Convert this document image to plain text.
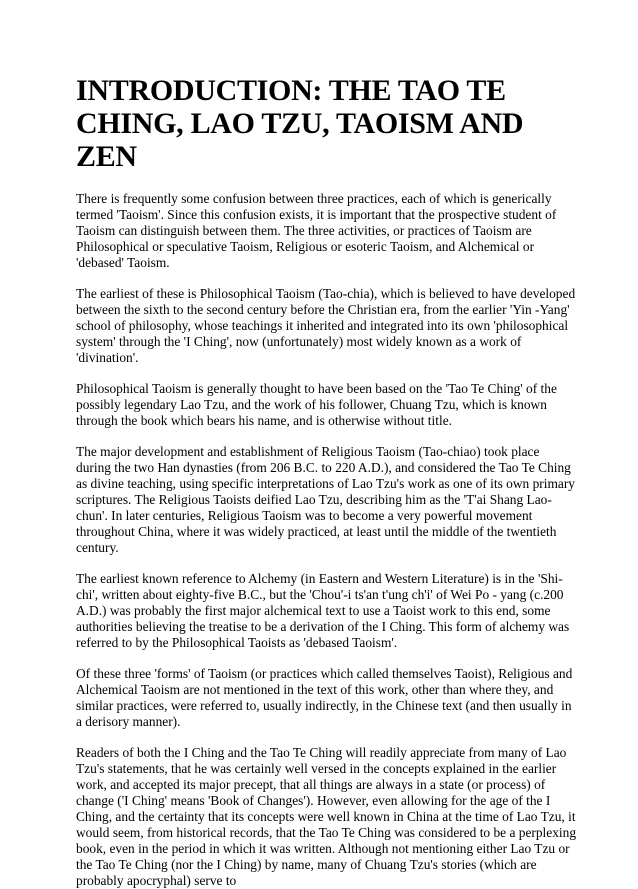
INTRODUCTION: THE TAO TE CHING, LAO TZU, TAOISM AND ZEN

There is frequently some confusion between three practices, each of which is generically termed 'Taoism'. Since this confusion exists, it is important that the prospective student of Taoism can distinguish between them. The three activities, or practices of Taoism are Philosophical or speculative Taoism, Religious or esoteric Taoism, and Alchemical or 'debased' Taoism.

The earliest of these is Philosophical Taoism (Tao-chia), which is believed to have developed between the sixth to the second century before the Christian era, from the earlier 'Yin -Yang' school of philosophy, whose teachings it inherited and integrated into its own 'philosophical system' through the 'I Ching', now (unfortunately) most widely known as a work of 'divination'.

Philosophical Taoism is generally thought to have been based on the 'Tao Te Ching' of the possibly legendary Lao Tzu, and the work of his follower, Chuang Tzu, which is known through the book which bears his name, and is otherwise without title.

The major development and establishment of Religious Taoism (Tao-chiao) took place during the two Han dynasties (from 206 B.C. to 220 A.D.), and considered the Tao Te Ching as divine teaching, using specific interpretations of Lao Tzu's work as one of its own primary scriptures. The Religious Taoists deified Lao Tzu, describing him as the 'T'ai Shang Lao-chun'. In later centuries, Religious Taoism was to become a very powerful movement throughout China, where it was widely practiced, at least until the middle of the twentieth century.

The earliest known reference to Alchemy (in Eastern and Western Literature) is in the 'Shi-chi', written about eighty-five B.C., but the 'Chou'-i ts'an t'ung ch'i' of Wei Po - yang (c.200 A.D.) was probably the first major alchemical text to use a Taoist work to this end, some authorities believing the treatise to be a derivation of the I Ching. This form of alchemy was referred to by the Philosophical Taoists as 'debased Taoism'.

Of these three 'forms' of Taoism (or practices which called themselves Taoist), Religious and Alchemical Taoism are not mentioned in the text of this work, other than where they, and similar practices, were referred to, usually indirectly, in the Chinese text (and then usually in a derisory manner).

Readers of both the I Ching and the Tao Te Ching will readily appreciate from many of Lao Tzu's statements, that he was certainly well versed in the concepts explained in the earlier work, and accepted its major precept, that all things are always in a state (or process) of change ('I Ching' means 'Book of Changes'). However, even allowing for the age of the I Ching, and the certainty that its concepts were well known in China at the time of Lao Tzu, it would seem, from historical records, that the Tao Te Ching was considered to be a perplexing book, even in the period in which it was written. Although not mentioning either Lao Tzu or the Tao Te Ching (nor the I Ching) by name, many of Chuang Tzu's stories (which are probably apocryphal) serve to
